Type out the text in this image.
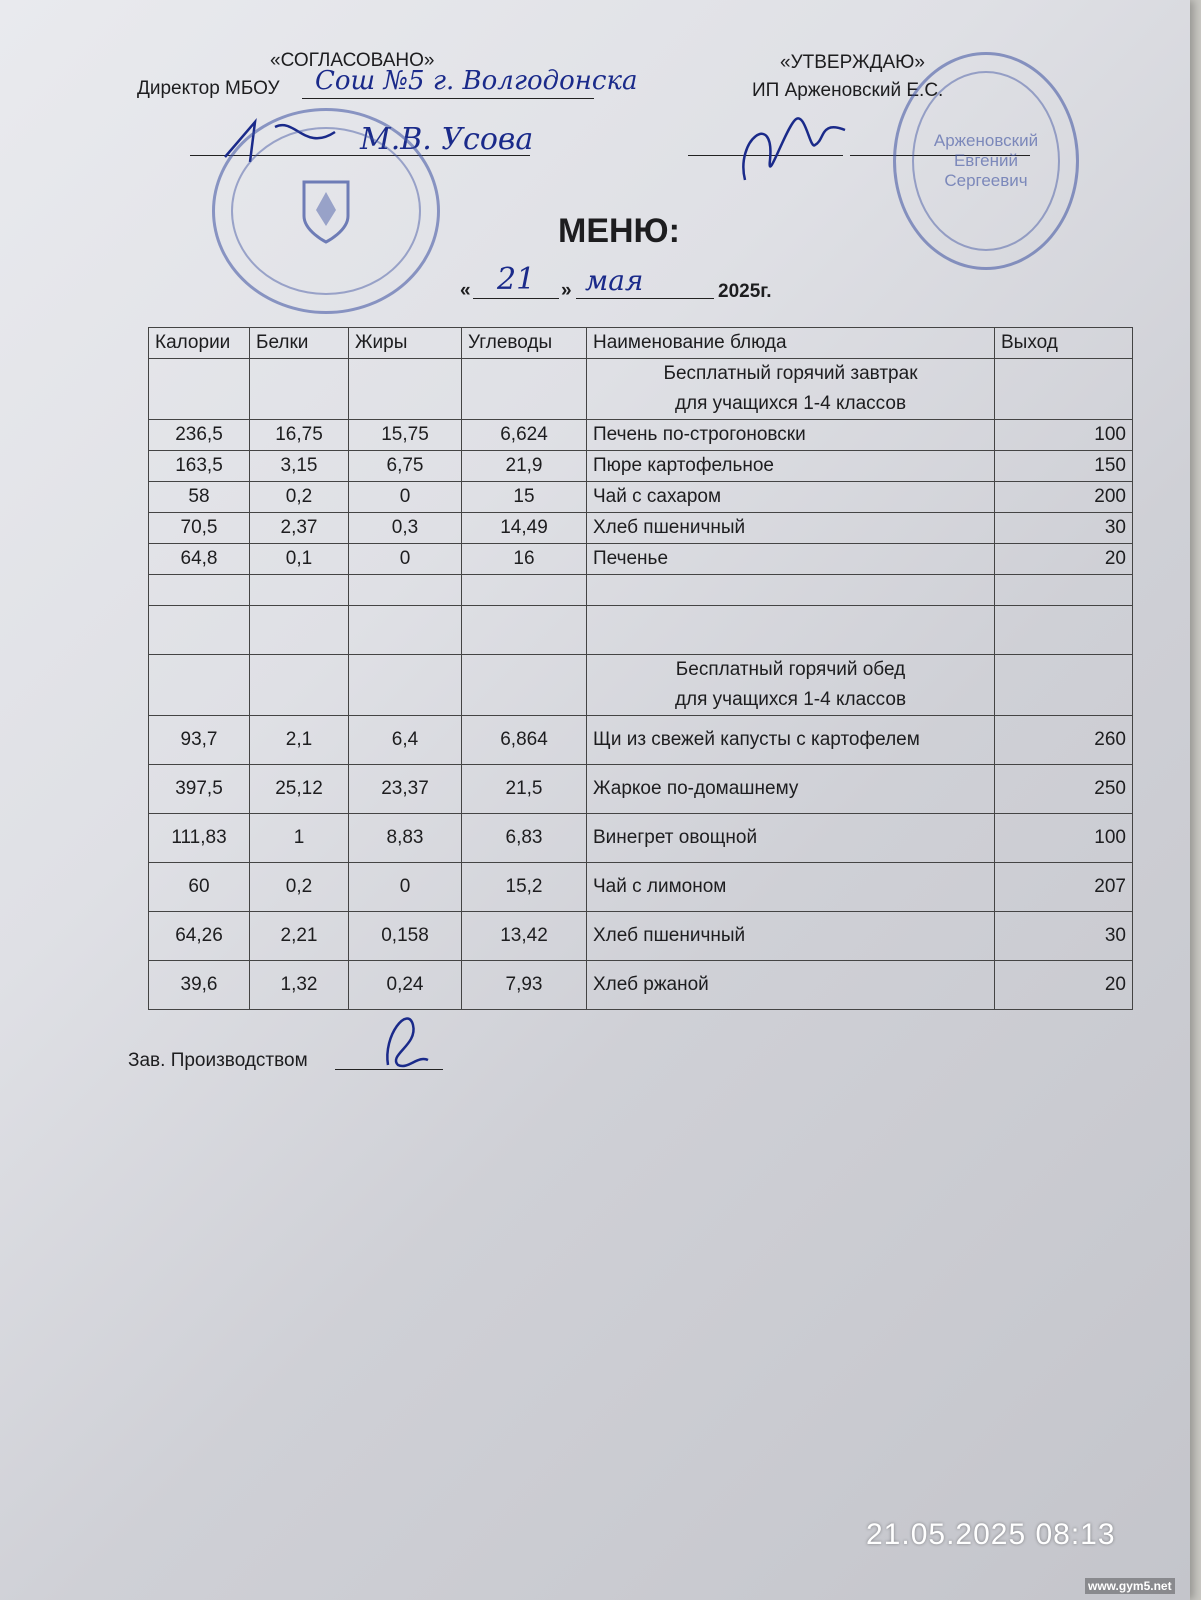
«СОГЛАСОВАНО»
Директор МБОУ Сош №5 г. Волгодонска
М.В. Усова
«УТВЕРЖДАЮ»
ИП Арженовский Е.С.
Арженовский Евгений Сергеевич
МЕНЮ:
« 21 » мая	2025г.
Калории	Белки	Жиры	Углеводы	Наименование блюда	Выход

				Бесплатный горячий завтрак
для учащихся 1-4 классов	

236,5	16,75	15,75	6,624	Печень по-строгоновски	100
163,5	3,15	6,75	21,9	Пюре картофельное	150
58	0,2	0	15	Чай с сахаром	200
70,5	2,37	0,3	14,49	Хлеб пшеничный	30
64,8	0,1	0	16	Печенье	20

				Бесплатный горячий обед
для учащихся 1-4 классов	

93,7	2,1	6,4	6,864	Щи из свежей капусты с картофелем	260
397,5	25,12	23,37	21,5	Жаркое по-домашнему	250
111,83	1	8,83	6,83	Винегрет овощной	100
60	0,2	0	15,2	Чай с лимоном	207
64,26	2,21	0,158	13,42	Хлеб пшеничный	30
39,6	1,32	0,24	7,93	Хлеб ржаной	20
Зав. Производством
21.05.2025 08:13
www.gym5.net
